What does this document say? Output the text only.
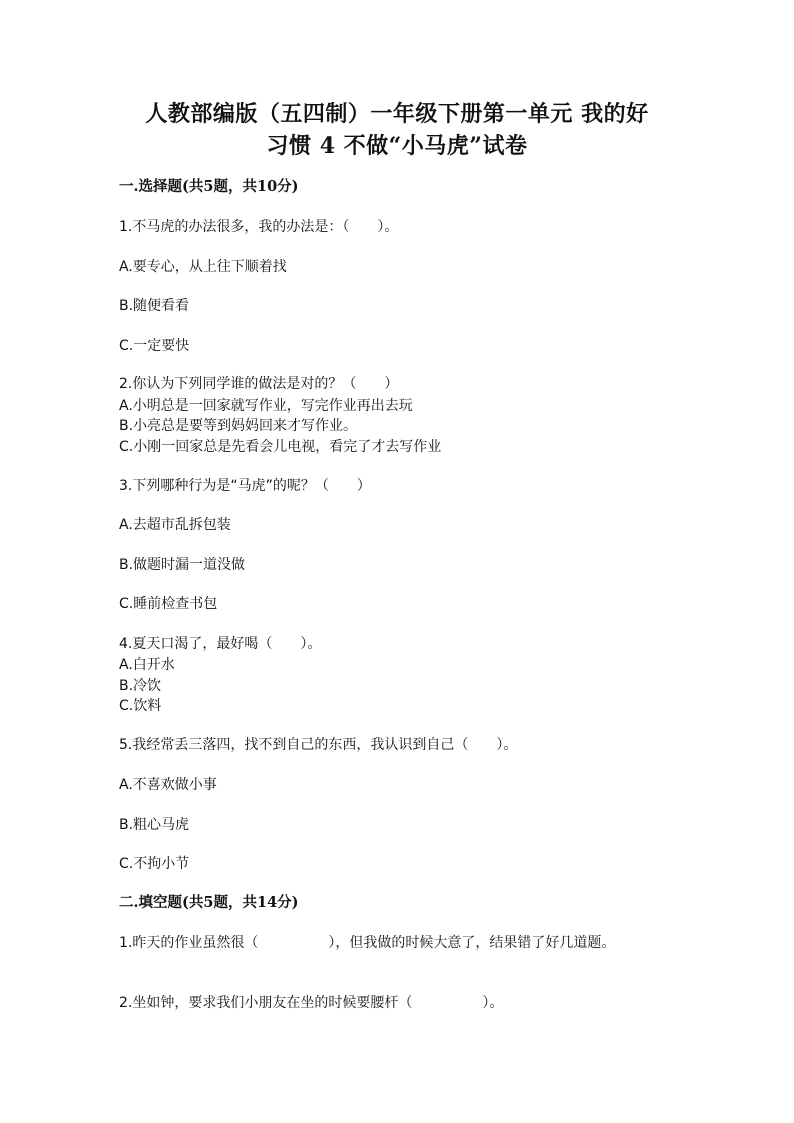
人教部编版（五四制）一年级下册第一单元 我的好
习惯 4 不做“小马虎”试卷
一.选择题(共5题，共10分)
1.不马虎的办法很多，我的办法是：（　　）。
A.要专心，从上往下顺着找
B.随便看看
C.一定要快
2.你认为下列同学谁的做法是对的？（　　）
A.小明总是一回家就写作业，写完作业再出去玩
B.小亮总是要等到妈妈回来才写作业。
C.小刚一回家总是先看会儿电视，看完了才去写作业
3.下列哪种行为是“马虎”的呢？（　　）
A.去超市乱拆包装
B.做题时漏一道没做
C.睡前检查书包
4.夏天口渴了，最好喝（　　）。
A.白开水
B.冷饮
C.饮料
5.我经常丢三落四，找不到自己的东西，我认识到自己（　　）。
A.不喜欢做小事
B.粗心马虎
C.不拘小节
二.填空题(共5题，共14分)
1.昨天的作业虽然很（　　　　　），但我做的时候大意了，结果错了好几道题。
2.坐如钟，要求我们小朋友在坐的时候要腰杆（　　　　　）。
